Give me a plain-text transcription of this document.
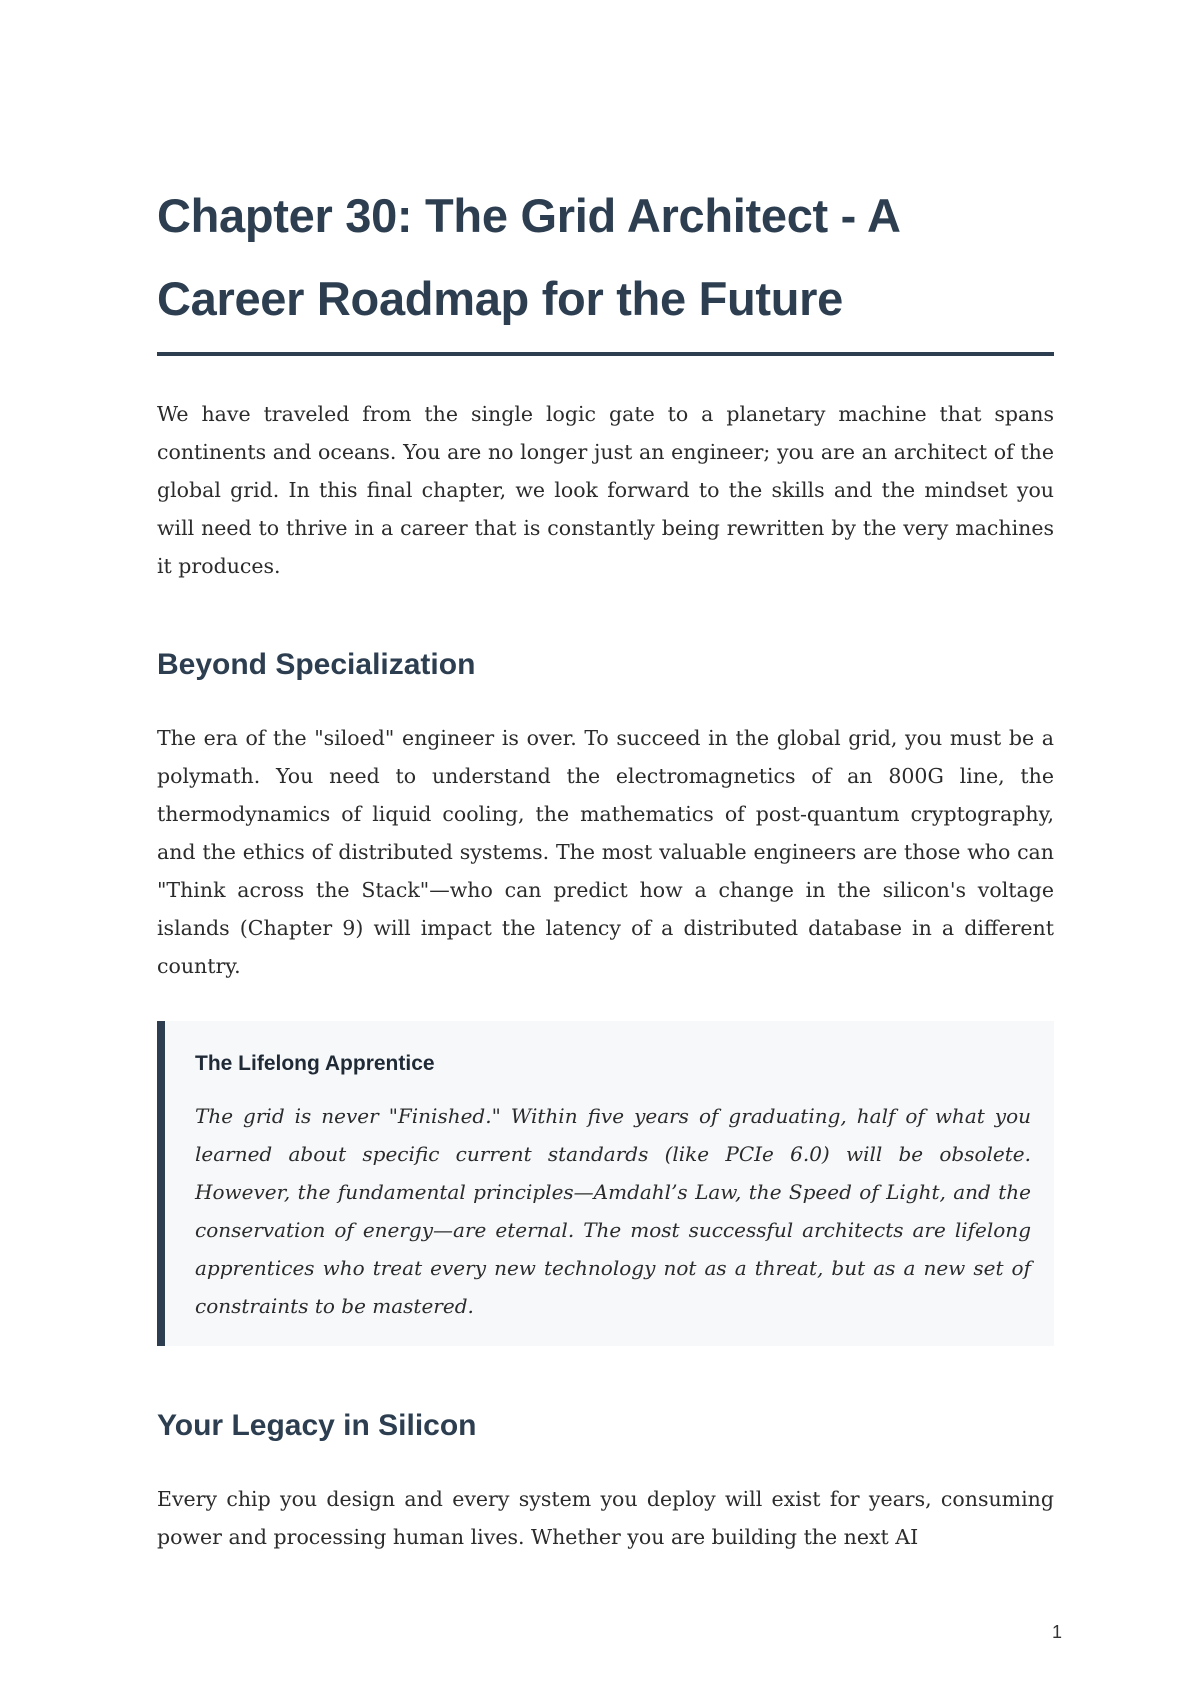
Chapter 30: The Grid Architect - A Career Roadmap for the Future

We have traveled from the single logic gate to a planetary machine that spans continents and oceans. You are no longer just an engineer; you are an architect of the global grid. In this final chapter, we look forward to the skills and the mindset you will need to thrive in a career that is constantly being rewritten by the very machines it produces.

Beyond Specialization

The era of the "siloed" engineer is over. To succeed in the global grid, you must be a polymath. You need to understand the electromagnetics of an 800G line, the thermodynamics of liquid cooling, the mathematics of post-quantum cryptography, and the ethics of distributed systems. The most valuable engineers are those who can "Think across the Stack"—who can predict how a change in the silicon's voltage islands (Chapter 9) will impact the latency of a distributed database in a different country.

The Lifelong Apprentice

The grid is never "Finished." Within five years of graduating, half of what you learned about specific current standards (like PCIe 6.0) will be obsolete. However, the fundamental principles—Amdahl’s Law, the Speed of Light, and the conservation of energy—are eternal. The most successful architects are lifelong apprentices who treat every new technology not as a threat, but as a new set of constraints to be mastered.

Your Legacy in Silicon

Every chip you design and every system you deploy will exist for years, consuming power and processing human lives. Whether you are building the next AI

1
